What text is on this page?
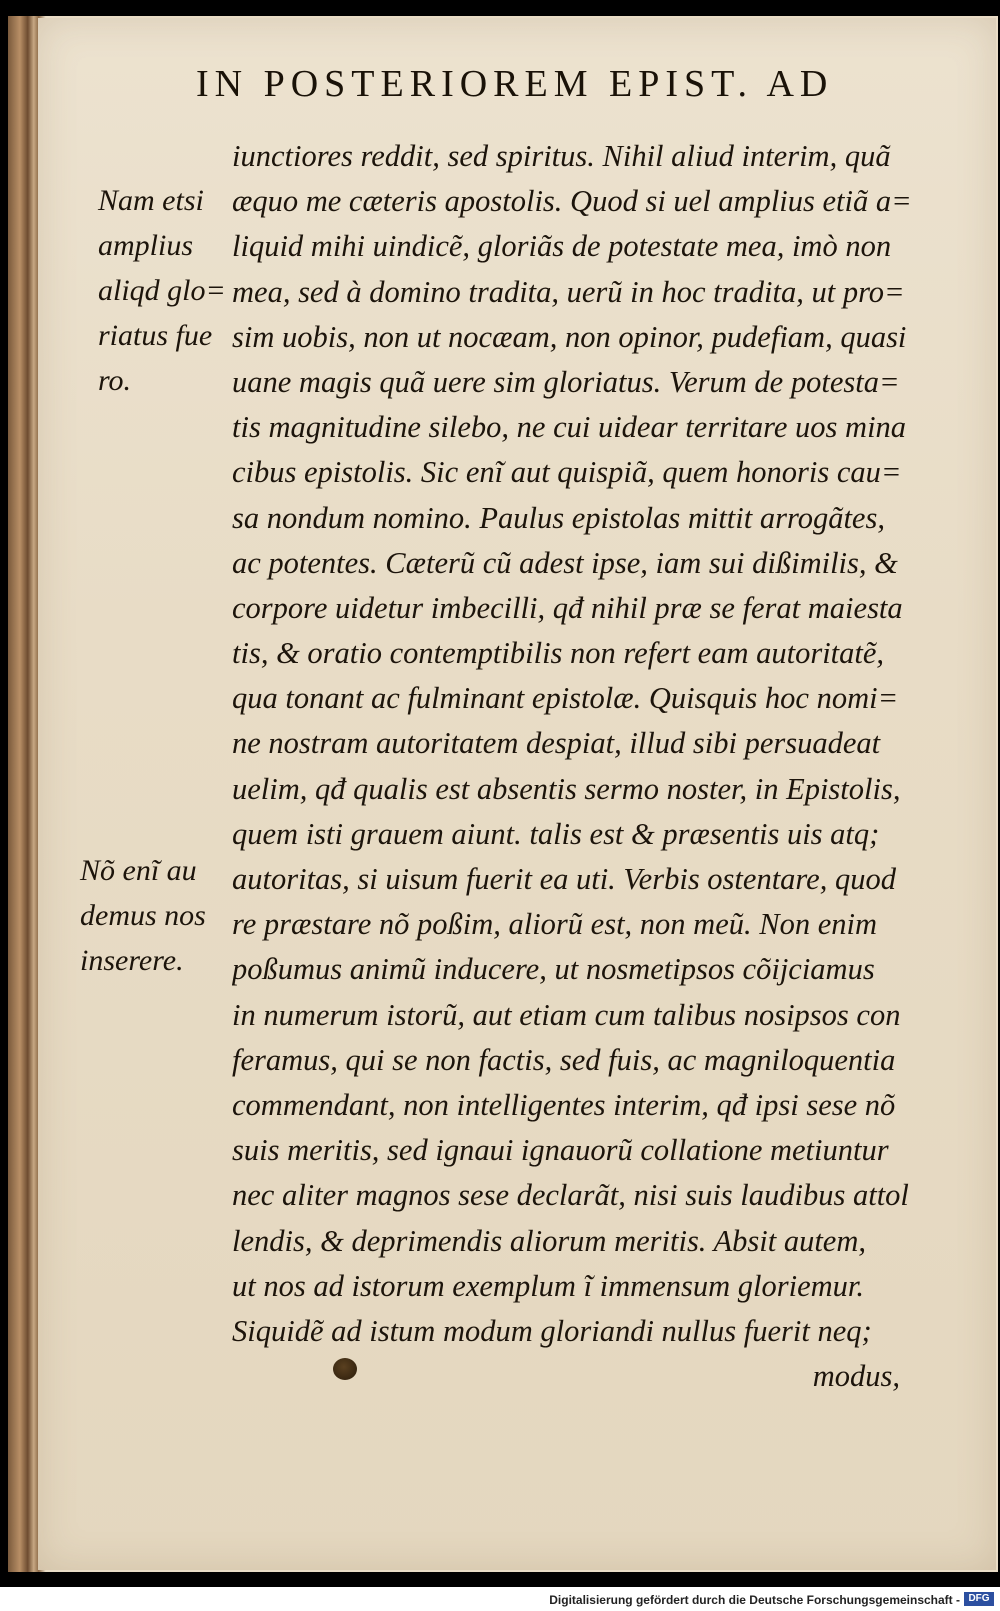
IN POSTERIOREM EPIST. AD
Nam etsi
amplius
aliqd glo=
riatus fue
ro.
Nõ enĩ au
demus nos
inserere.
iunctiores reddit, sed spiritus. Nihil aliud interim, quã
æquo me cæteris apostolis. Quod si uel amplius etiã a=
liquid mihi uindicẽ, gloriãs de potestate mea, imò non
mea, sed à domino tradita, uerũ in hoc tradita, ut pro=
sim uobis, non ut nocæam, non opinor, pudefiam, quasi
uane magis quã uere sim gloriatus. Verum de potesta=
tis magnitudine silebo, ne cui uidear territare uos mina
cibus epistolis. Sic enĩ aut quispiã, quem honoris cau=
sa nondum nomino. Paulus epistolas mittit arrogãtes,
ac potentes. Cæterũ cũ adest ipse, iam sui dißimilis, &
corpore uidetur imbecilli, qđ nihil præ se ferat maiesta
tis, & oratio contemptibilis non refert eam autoritatẽ,
qua tonant ac fulminant epistolæ. Quisquis hoc nomi=
ne nostram autoritatem despiat, illud sibi persuadeat
uelim, qđ qualis est absentis sermo noster, in Epistolis,
quem isti grauem aiunt. talis est & præsentis uis atq;
autoritas, si uisum fuerit ea uti. Verbis ostentare, quod
re præstare nõ poßim, aliorũ est, non meũ. Non enim
poßumus animũ inducere, ut nosmetipsos cõijciamus
in numerum istorũ, aut etiam cum talibus nosipsos con
feramus, qui se non factis, sed fuis, ac magniloquentia
commendant, non intelligentes interim, qđ ipsi sese nõ
suis meritis, sed ignaui ignauorũ collatione metiuntur
nec aliter magnos sese declarãt, nisi suis laudibus attol
lendis, & deprimendis aliorum meritis. Absit autem,
ut nos ad istorum exemplum ĩ immensum gloriemur.
Siquidẽ ad istum modum gloriandi nullus fuerit neq;
modus,
Digitalisierung gefördert durch die Deutsche Forschungsgemeinschaft - DFG
